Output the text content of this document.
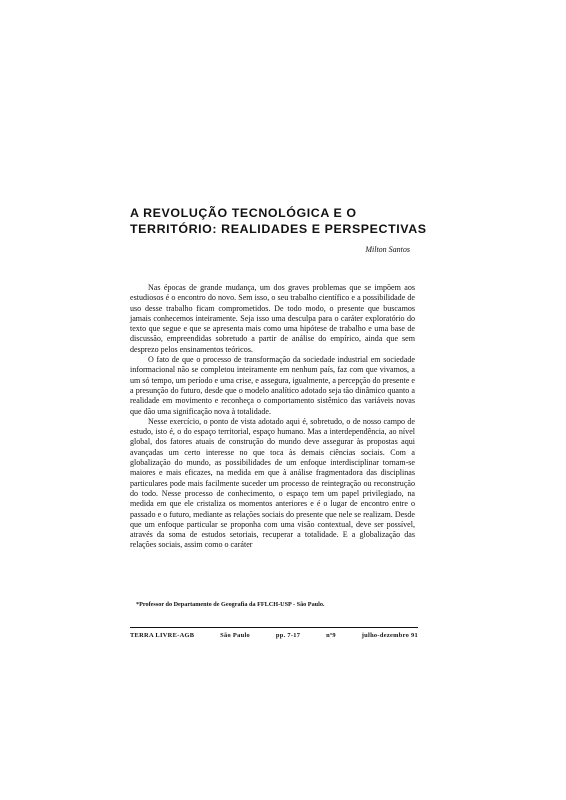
A REVOLUÇÃO TECNOLÓGICA E O
TERRITÓRIO: REALIDADES E PERSPECTIVAS
Milton Santos

Nas épocas de grande mudança, um dos graves problemas que se impõem aos estudiosos é o encontro do novo. Sem isso, o seu trabalho científico e a possibilidade de uso desse trabalho ficam comprometidos. De todo modo, o presente que buscamos jamais conhecemos inteiramente. Seja isso uma desculpa para o caráter exploratório do texto que segue e que se apresenta mais como uma hipótese de trabalho e uma base de discussão, empreendidas sobretudo a partir de análise do empírico, ainda que sem desprezo pelos ensinamentos teóricos.

O fato de que o processo de transformação da sociedade industrial em sociedade informacional não se completou inteiramente em nenhum país, faz com que vivamos, a um só tempo, um período e uma crise, e assegura, igualmente, a percepção do presente e a presunção do futuro, desde que o modelo analítico adotado seja tão dinâmico quanto a realidade em movimento e reconheça o comportamento sistêmico das variáveis novas que dão uma significação nova à totalidade.

Nesse exercício, o ponto de vista adotado aqui é, sobretudo, o de nosso campo de estudo, isto é, o do espaço territorial, espaço humano. Mas a interdependência, ao nível global, dos fatores atuais de construção do mundo deve assegurar às propostas aqui avançadas um certo interesse no que toca às demais ciências sociais. Com a globalização do mundo, as possibilidades de um enfoque interdisciplinar tornam-se maiores e mais eficazes, na medida em que à análise fragmentadora das disciplinas particulares pode mais facilmente suceder um processo de reintegração ou reconstrução do todo. Nesse processo de conhecimento, o espaço tem um papel privilegiado, na medida em que ele cristaliza os momentos anteriores e é o lugar de encontro entre o passado e o futuro, mediante as relações sociais do presente que nele se realizam. Desde que um enfoque particular se proponha com uma visão contextual, deve ser possível, através da soma de estudos setoriais, recuperar a totalidade. E a globalização das relações sociais, assim como o caráter

*Professor do Departamento de Geografia da FFLCH-USP - São Paulo.
TERRA LIVRE-AGB	São Paulo	pp. 7-17	nº9	julho-dezembro 91
